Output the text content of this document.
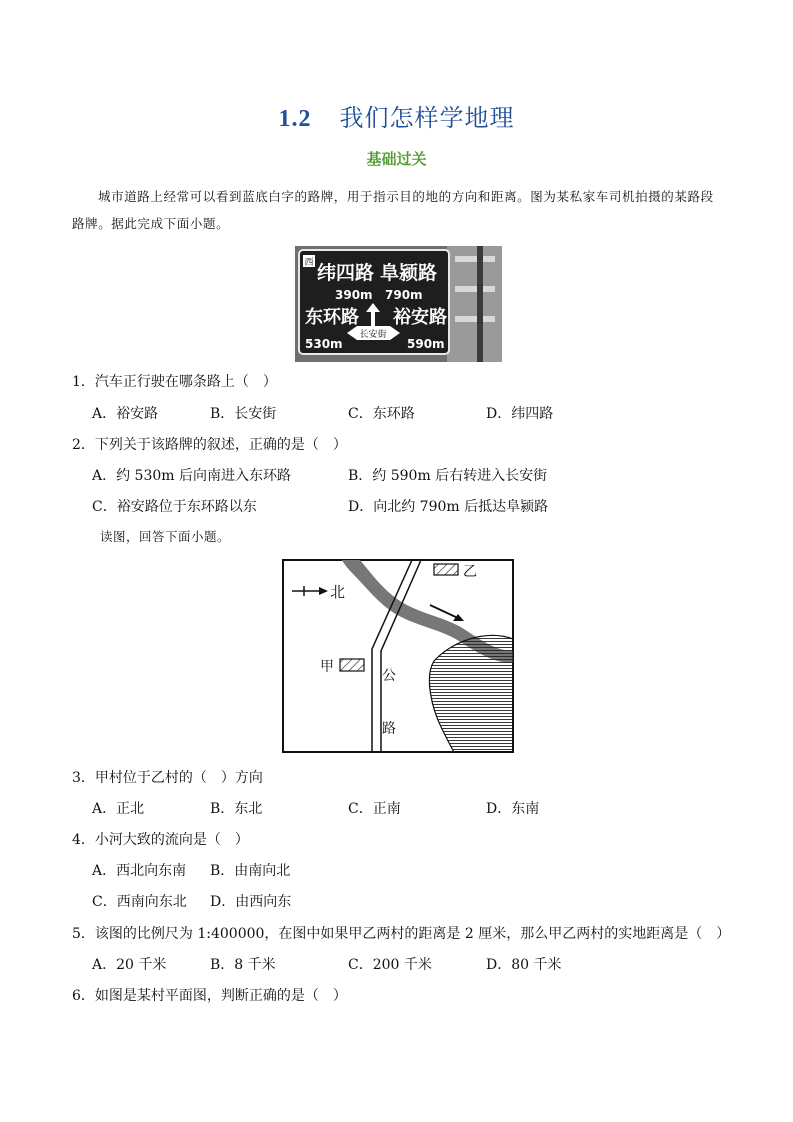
1.2 我们怎样学地理
基础过关
城市道路上经常可以看到蓝底白字的路牌，用于指示目的地的方向和距离。图为某私家车司机拍摄的某路段路牌。据此完成下面小题。
西 纬四路 阜颍路
390m 790m
东环路 裕安路
长安街
530m	590m
1．汽车正行驶在哪条路上（　）
A．裕安路	B．长安街	C．东环路	D．纬四路
2．下列关于该路牌的叙述，正确的是（　）
A．约 530m 后向南进入东环路	B．约 590m 后右转进入长安街
C．裕安路位于东环路以东	D．向北约 790m 后抵达阜颍路
读图，回答下面小题。
北
乙
甲
公
路
3．甲村位于乙村的（　）方向
A．正北	B．东北	C．正南	D．东南
4．小河大致的流向是（　）
A．西北向东南 B．由南向北
C．西南向东北 D．由西向东
5．该图的比例尺为 1:400000，在图中如果甲乙两村的距离是 2 厘米，那么甲乙两村的实地距离是（　）
A．20 千米	B．8 千米	C．200 千米	D．80 千米
6．如图是某村平面图，判断正确的是（　）
